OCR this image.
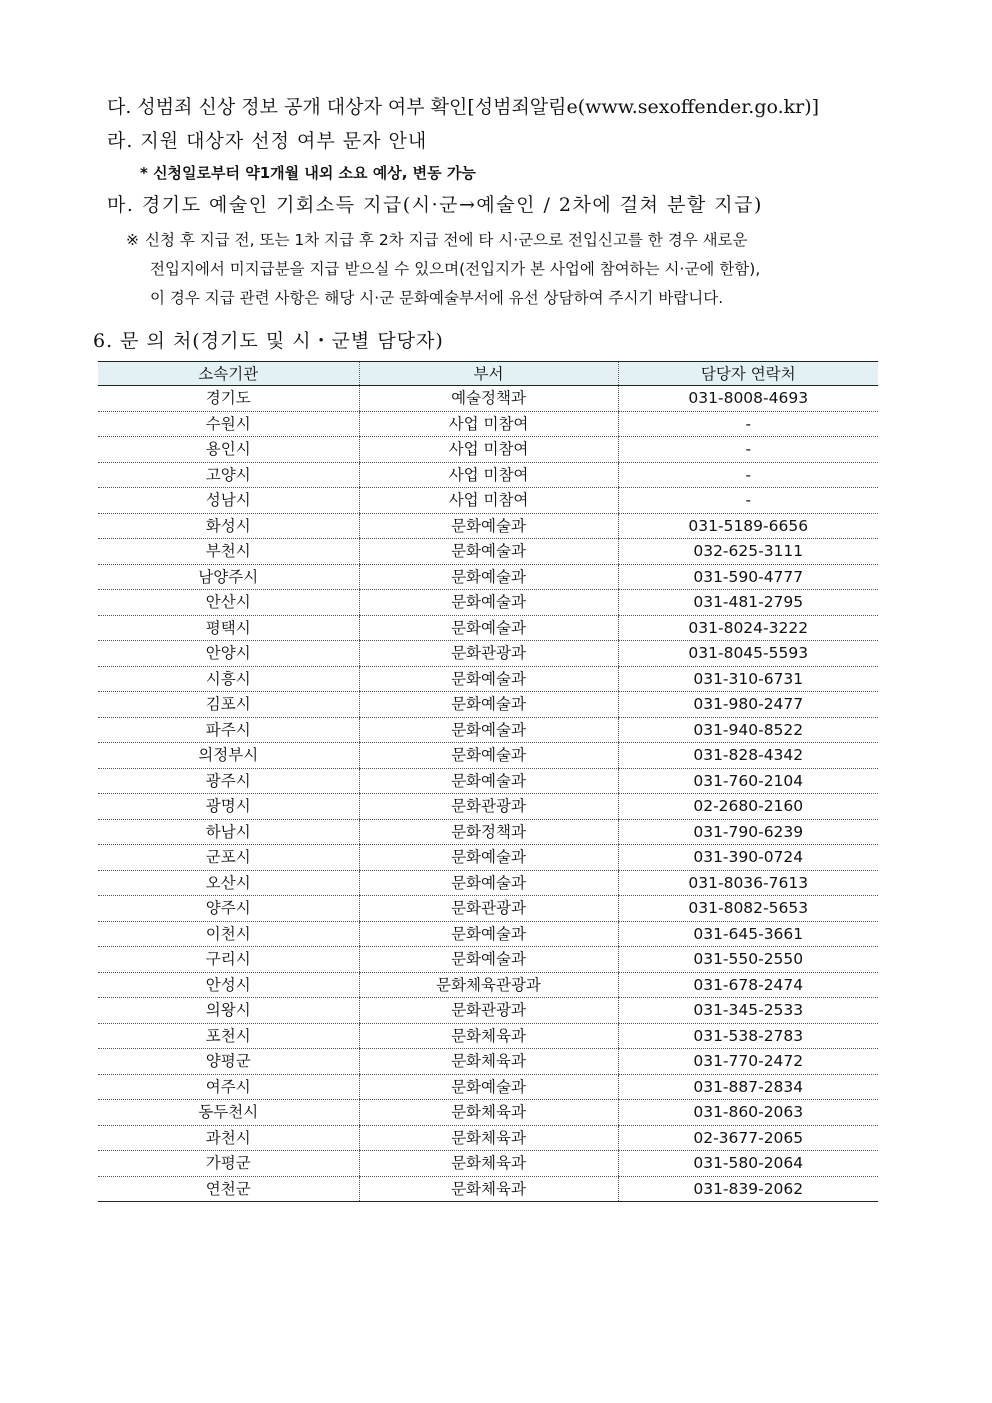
다. 성범죄 신상 정보 공개 대상자 여부 확인[성범죄알림e(www.sexoffender.go.kr)]
라. 지원 대상자 선정 여부 문자 안내
* 신청일로부터 약1개월 내외 소요 예상, 변동 가능
마. 경기도 예술인 기회소득 지급(시·군→예술인 / 2차에 걸쳐 분할 지급)
※ 신청 후 지급 전, 또는 1차 지급 후 2차 지급 전에 타 시·군으로 전입신고를 한 경우 새로운
전입지에서 미지급분을 지급 받으실 수 있으며(전입지가 본 사업에 참여하는 시·군에 한함),
이 경우 지급 관련 사항은 해당 시·군 문화예술부서에 유선 상담하여 주시기 바랍니다.
6. 문 의 처(경기도 및 시・군별 담당자)
소속기관	부서	담당자 연락처
경기도	예술정책과	031-8008-4693
수원시	사업 미참여	-
용인시	사업 미참여	-
고양시	사업 미참여	-
성남시	사업 미참여	-
화성시	문화예술과	031-5189-6656
부천시	문화예술과	032-625-3111
남양주시	문화예술과	031-590-4777
안산시	문화예술과	031-481-2795
평택시	문화예술과	031-8024-3222
안양시	문화관광과	031-8045-5593
시흥시	문화예술과	031-310-6731
김포시	문화예술과	031-980-2477
파주시	문화예술과	031-940-8522
의정부시	문화예술과	031-828-4342
광주시	문화예술과	031-760-2104
광명시	문화관광과	02-2680-2160
하남시	문화정책과	031-790-6239
군포시	문화예술과	031-390-0724
오산시	문화예술과	031-8036-7613
양주시	문화관광과	031-8082-5653
이천시	문화예술과	031-645-3661
구리시	문화예술과	031-550-2550
안성시	문화체육관광과	031-678-2474
의왕시	문화관광과	031-345-2533
포천시	문화체육과	031-538-2783
양평군	문화체육과	031-770-2472
여주시	문화예술과	031-887-2834
동두천시	문화체육과	031-860-2063
과천시	문화체육과	02-3677-2065
가평군	문화체육과	031-580-2064
연천군	문화체육과	031-839-2062
